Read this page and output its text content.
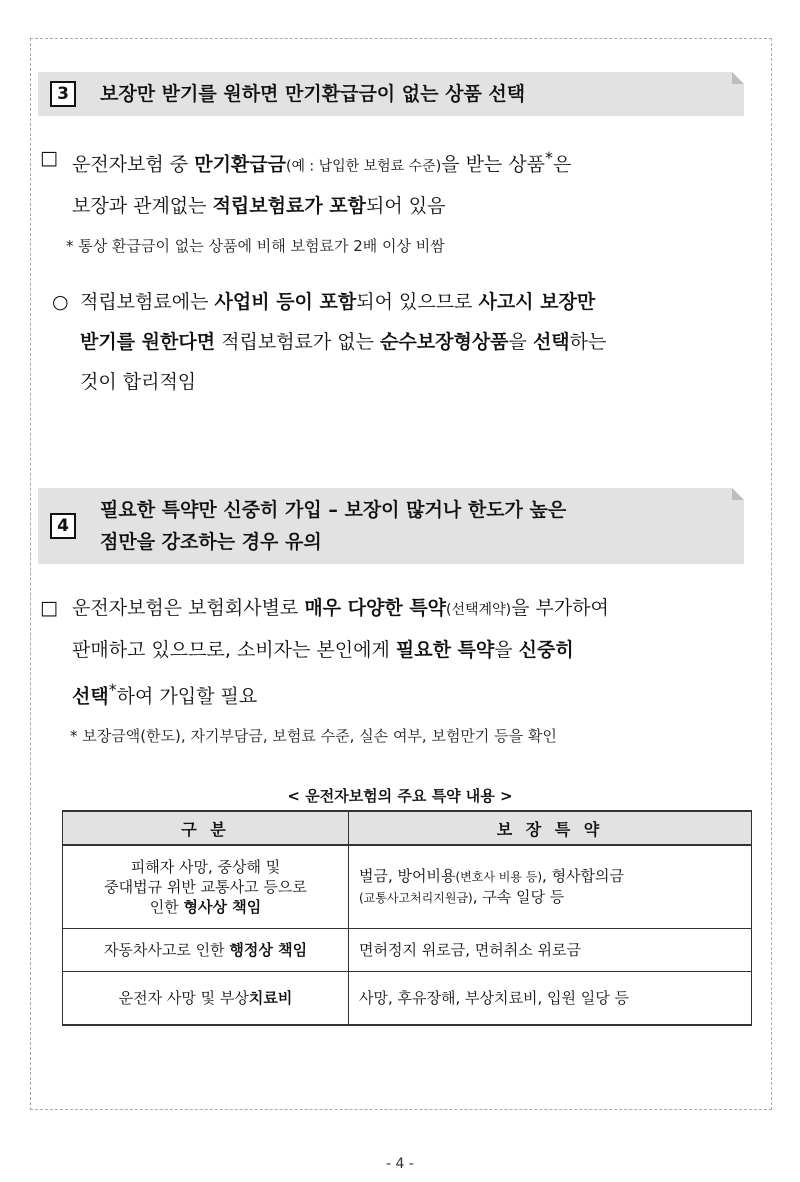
3	보장만 받기를 원하면 만기환급금이 없는 상품 선택
□ 운전자보험 중 만기환급금(예 : 납입한 보험료 수준)을 받는 상품*은
보장과 관계없는 적립보험료가 포함되어 있음
* 통상 환급금이 없는 상품에 비해 보험료가 2배 이상 비쌈
○ 적립보험료에는 사업비 등이 포함되어 있으므로 사고시 보장만
받기를 원한다면 적립보험료가 없는 순수보장형상품을 선택하는
것이 합리적임
4
필요한 특약만 신중히 가입 – 보장이 많거나 한도가 높은
점만을 강조하는 경우 유의
□ 운전자보험은 보험회사별로 매우 다양한 특약(선택계약)을 부가하여
판매하고 있으므로, 소비자는 본인에게 필요한 특약을 신중히
선택*하여 가입할 필요
* 보장금액(한도), 자기부담금, 보험료 수준, 실손 여부, 보험만기 등을 확인
< 운전자보험의 주요 특약 내용 >
구 분	보 장 특 약
피해자 사망, 중상해 및
중대법규 위반 교통사고 등으로
인한 형사상 책임	벌금, 방어비용(변호사 비용 등), 형사합의금
(교통사고처리지원금), 구속 일당 등
자동차사고로 인한 행정상 책임	면허정지 위로금, 면허취소 위로금
운전자 사망 및 부상치료비	사망, 후유장해, 부상치료비, 입원 일당 등
- 4 -
